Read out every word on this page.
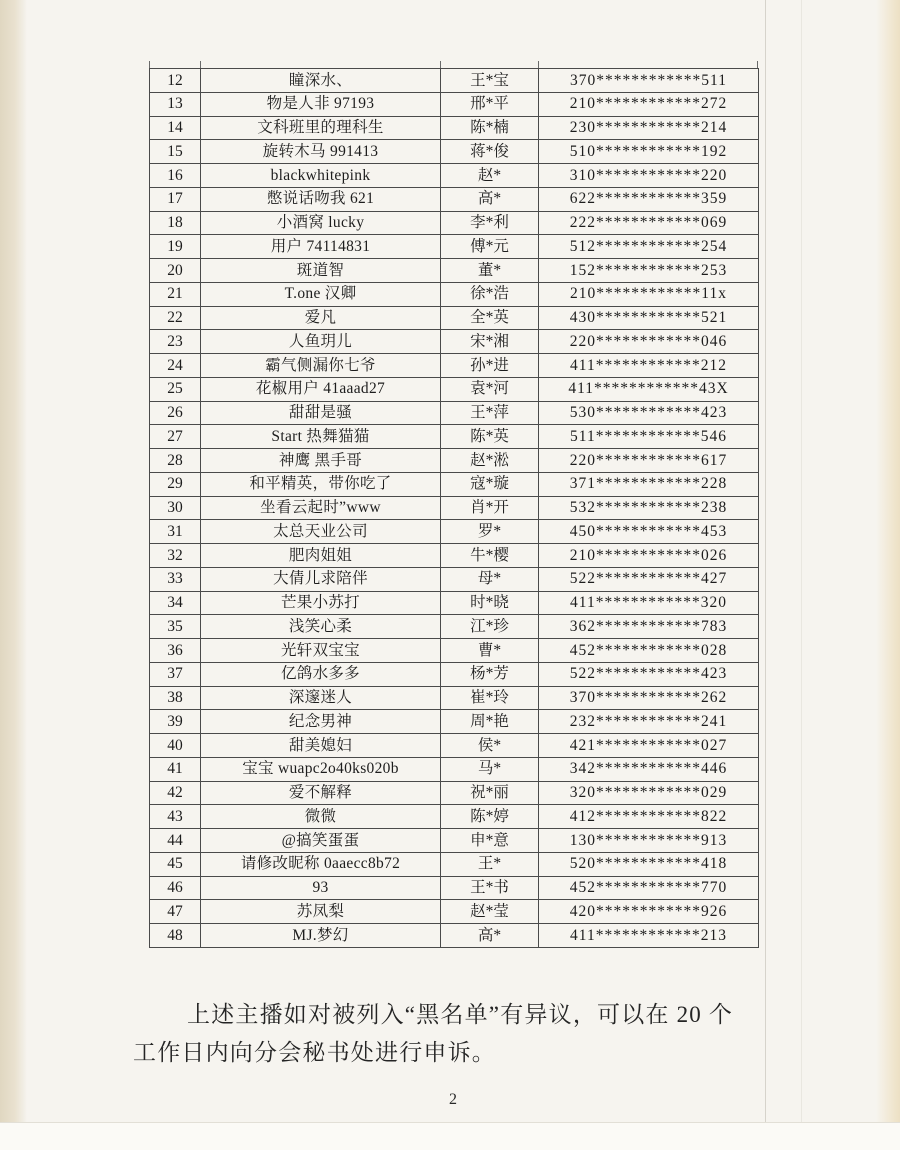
12	瞳深水、	王*宝	370************511
13	物是人非 97193	邢*平	210************272
14	文科班里的理科生	陈*楠	230************214
15	旋转木马 991413	蒋*俊	510************192
16	blackwhitepink	赵*	310************220
17	憋说话吻我 621	高*	622************359
18	小酒窝 lucky	李*利	222************069
19	用户 74114831	傅*元	512************254
20	斑道智	董*	152************253
21	T.one 汉卿	徐*浩	210************11x
22	爱凡	全*英	430************521
23	人鱼玥儿	宋*湘	220************046
24	霸气侧漏你七爷	孙*进	411************212
25	花椒用户 41aaad27	袁*河	411************43X
26	甜甜是骚	王*萍	530************423
27	Start 热舞猫猫	陈*英	511************546
28	神鹰 黑手哥	赵*淞	220************617
29	和平精英，带你吃了	寇*璇	371************228
30	坐看云起时”www	肖*开	532************238
31	太总天业公司	罗*	450************453
32	肥肉姐姐	牛*樱	210************026
33	大倩儿求陪伴	母*	522************427
34	芒果小苏打	时*晓	411************320
35	浅笑心柔	江*珍	362************783
36	光轩双宝宝	曹*	452************028
37	亿鸽水多多	杨*芳	522************423
38	深邃迷人	崔*玲	370************262
39	纪念男神	周*艳	232************241
40	甜美媳妇	侯*	421************027
41	宝宝 wuapc2o40ks020b	马*	342************446
42	爱不解释	祝*丽	320************029
43	微微	陈*婷	412************822
44	@搞笑蛋蛋	申*意	130************913
45	请修改昵称 0aaecc8b72	王*	520************418
46	93	王*书	452************770
47	苏凤梨	赵*莹	420************926
48	MJ.梦幻	高*	411************213
上述主播如对被列入“黑名单”有异议，可以在 20 个
工作日内向分会秘书处进行申诉。
2
